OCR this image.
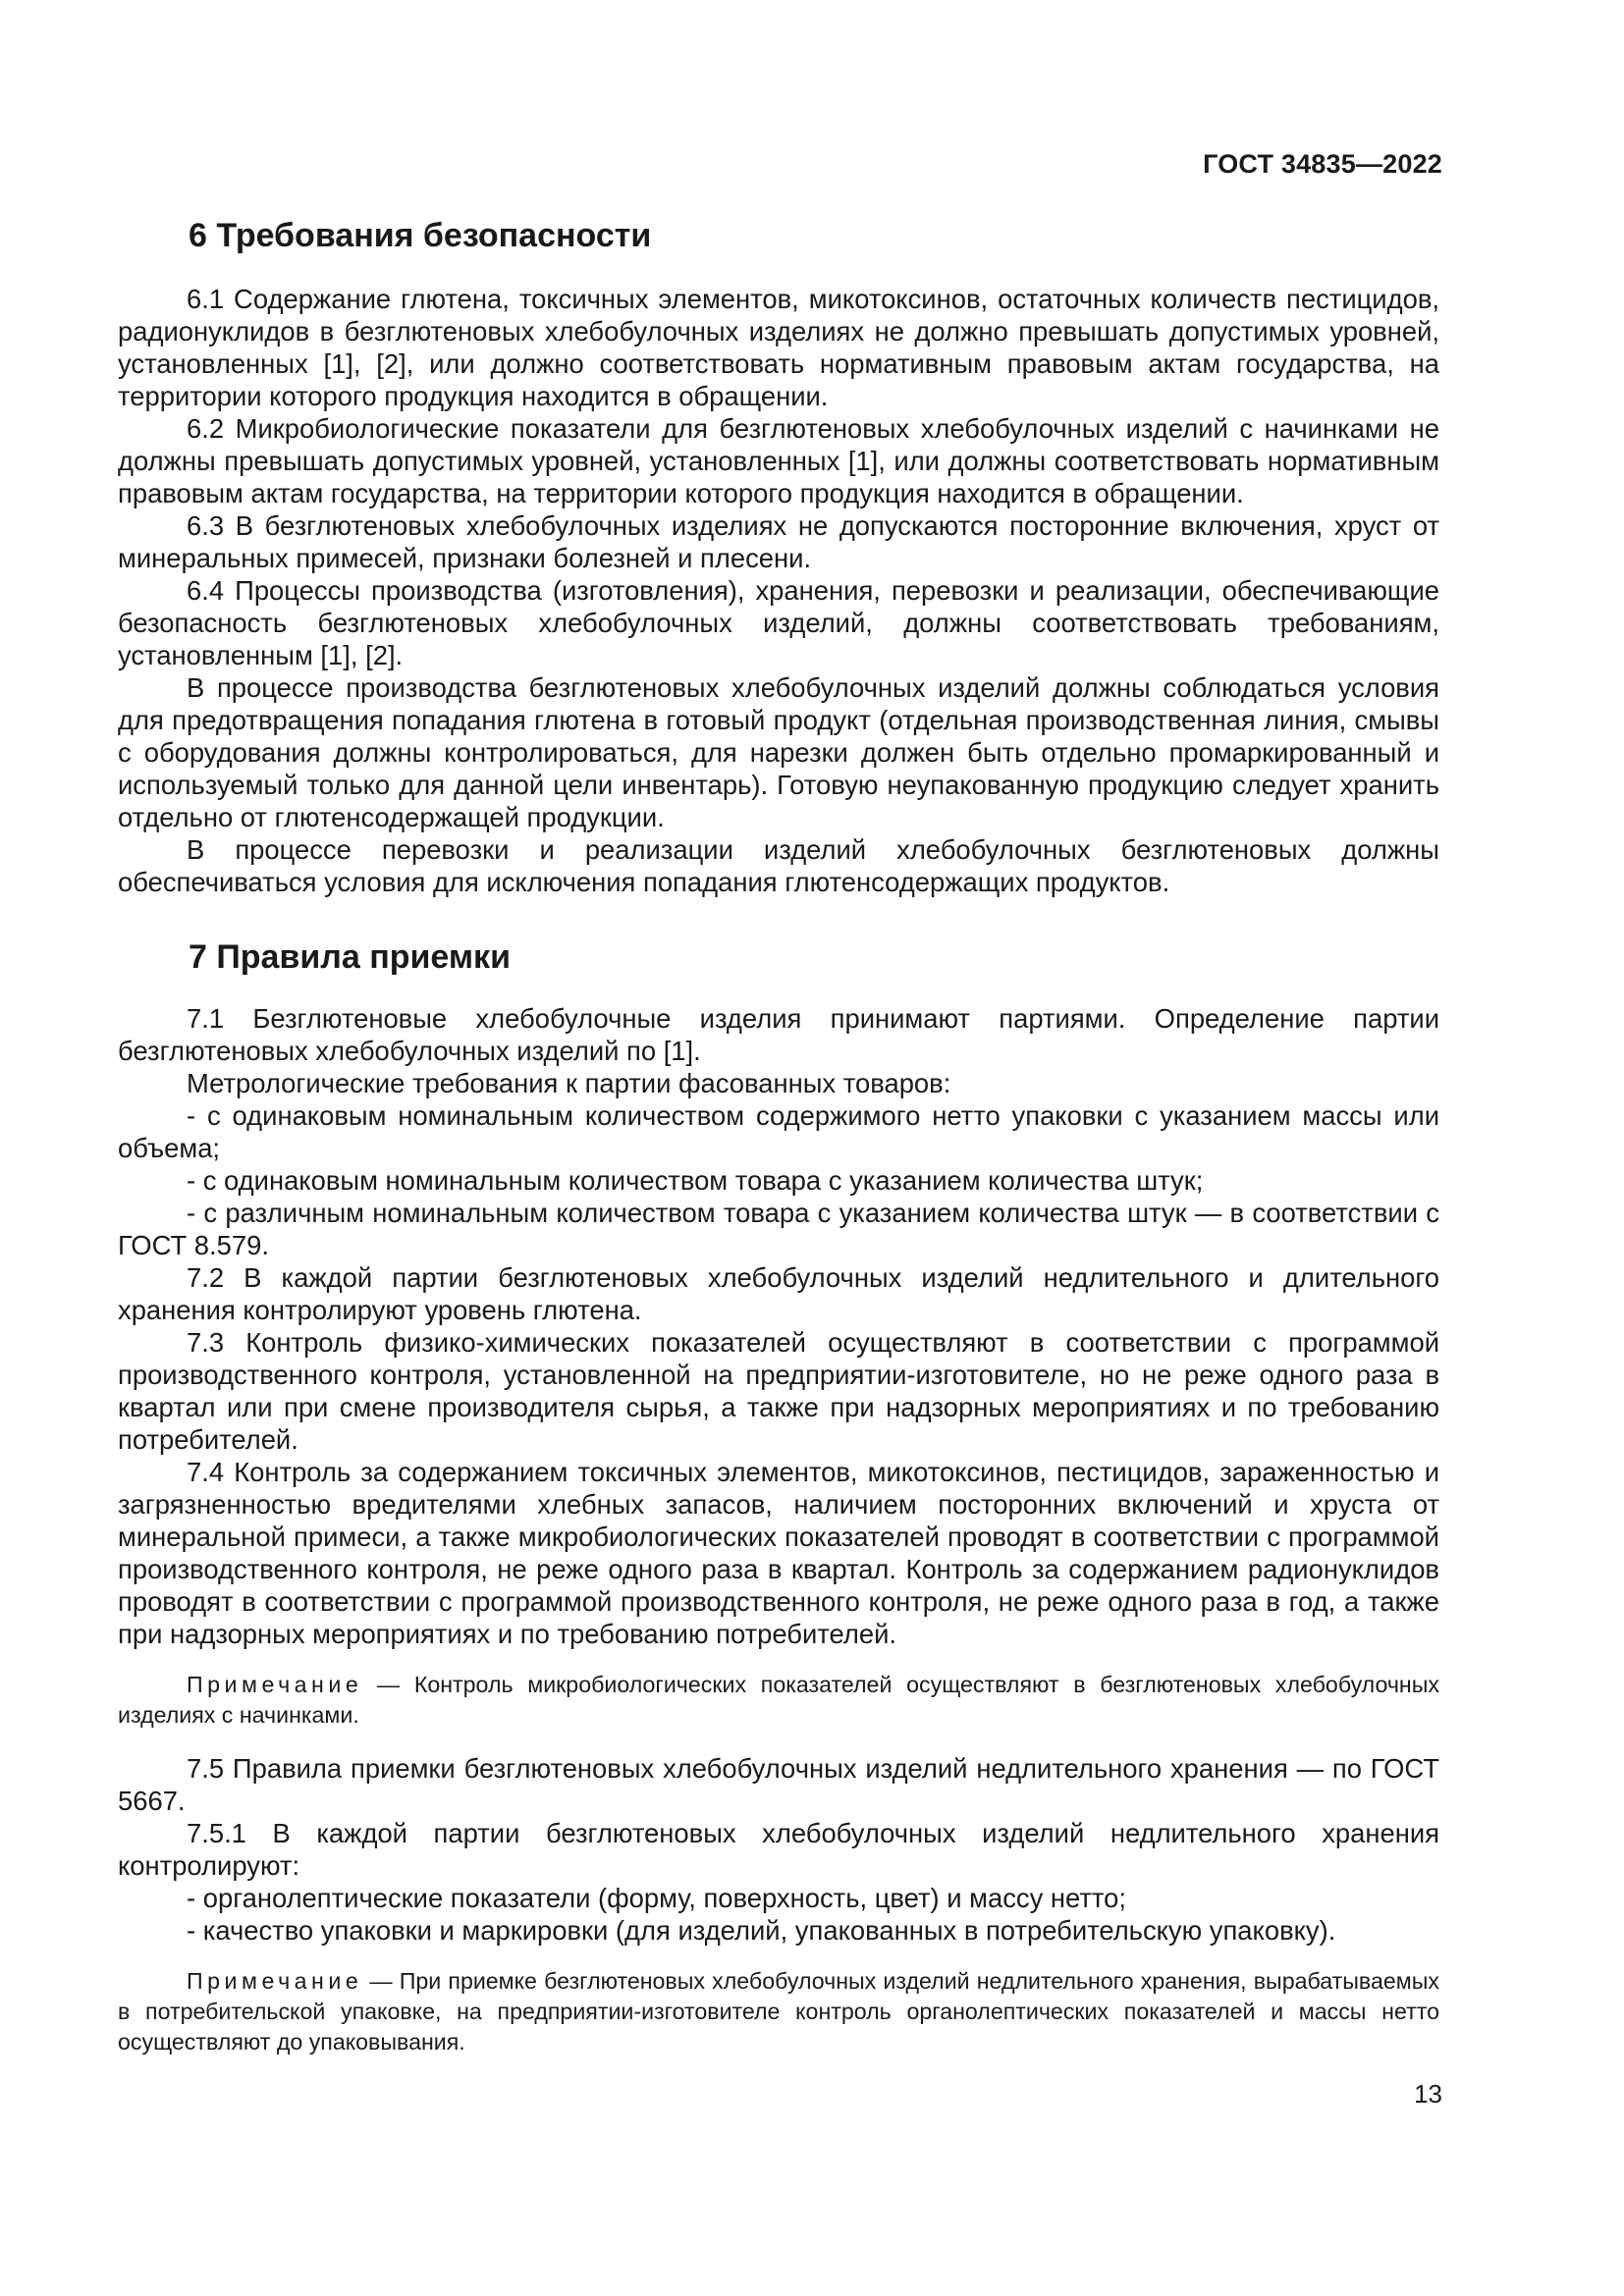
ГОСТ 34835—2022
6 Требования безопасности

6.1 Содержание глютена, токсичных элементов, микотоксинов, остаточных количеств пестицидов, радионуклидов в безглютеновых хлебобулочных изделиях не должно превышать допустимых уровней, установленных [1], [2], или должно соответствовать нормативным правовым актам государства, на территории которого продукция находится в обращении.

6.2 Микробиологические показатели для безглютеновых хлебобулочных изделий с начинками не должны превышать допустимых уровней, установленных [1], или должны соответствовать нормативным правовым актам государства, на территории которого продукция находится в обращении.

6.3 В безглютеновых хлебобулочных изделиях не допускаются посторонние включения, хруст от минеральных примесей, признаки болезней и плесени.

6.4 Процессы производства (изготовления), хранения, перевозки и реализации, обеспечивающие безопасность безглютеновых хлебобулочных изделий, должны соответствовать требованиям, установленным [1], [2].

В процессе производства безглютеновых хлебобулочных изделий должны соблюдаться условия для предотвращения попадания глютена в готовый продукт (отдельная производственная линия, смывы с оборудования должны контролироваться, для нарезки должен быть отдельно промаркированный и используемый только для данной цели инвентарь). Готовую неупакованную продукцию следует хранить отдельно от глютенсодержащей продукции.

В процессе перевозки и реализации изделий хлебобулочных безглютеновых должны обеспечиваться условия для исключения попадания глютенсодержащих продуктов.

7 Правила приемки

7.1 Безглютеновые хлебобулочные изделия принимают партиями. Определение партии безглютеновых хлебобулочных изделий по [1].

Метрологические требования к партии фасованных товаров:

- с одинаковым номинальным количеством содержимого нетто упаковки с указанием массы или объема;

- с одинаковым номинальным количеством товара с указанием количества штук;

- с различным номинальным количеством товара с указанием количества штук — в соответствии с ГОСТ 8.579.

7.2 В каждой партии безглютеновых хлебобулочных изделий недлительного и длительного хранения контролируют уровень глютена.

7.3 Контроль физико-химических показателей осуществляют в соответствии с программой производственного контроля, установленной на предприятии-изготовителе, но не реже одного раза в квартал или при смене производителя сырья, а также при надзорных мероприятиях и по требованию потребителей.

7.4 Контроль за содержанием токсичных элементов, микотоксинов, пестицидов, зараженностью и загрязненностью вредителями хлебных запасов, наличием посторонних включений и хруста от минеральной примеси, а также микробиологических показателей проводят в соответствии с программой производственного контроля, не реже одного раза в квартал. Контроль за содержанием радионуклидов проводят в соответствии с программой производственного контроля, не реже одного раза в год, а также при надзорных мероприятиях и по требованию потребителей.

Примечание — Контроль микробиологических показателей осуществляют в безглютеновых хлебобулочных изделиях с начинками.

7.5 Правила приемки безглютеновых хлебобулочных изделий недлительного хранения — по ГОСТ 5667.

7.5.1 В каждой партии безглютеновых хлебобулочных изделий недлительного хранения контролируют:

- органолептические показатели (форму, поверхность, цвет) и массу нетто;

- качество упаковки и маркировки (для изделий, упакованных в потребительскую упаковку).

Примечание — При приемке безглютеновых хлебобулочных изделий недлительного хранения, вырабатываемых в потребительской упаковке, на предприятии-изготовителе контроль органолептических показателей и массы нетто осуществляют до упаковывания.

13
